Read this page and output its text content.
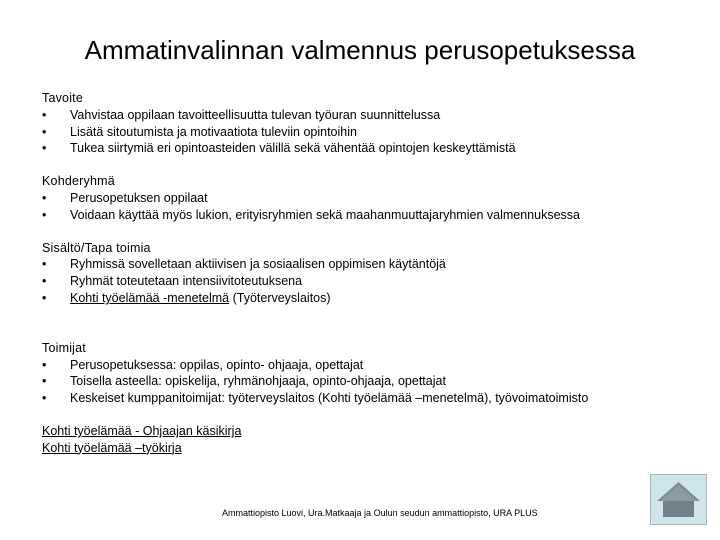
Ammatinvalinnan valmennus perusopetuksessa
Tavoite
• Vahvistaa oppilaan tavoitteellisuutta tulevan työuran suunnittelussa
• Lisätä sitoutumista ja motivaatiota tuleviin opintoihin
• Tukea siirtymiä eri opintoasteiden välillä sekä vähentää opintojen keskeyttämistä
Kohderyhmä
• Perusopetuksen oppilaat
• Voidaan käyttää myös lukion, erityisryhmien sekä maahanmuuttajaryhmien valmennuksessa
Sisältö/Tapa toimia
• Ryhmissä sovelletaan aktiivisen ja sosiaalisen oppimisen käytäntöjä
• Ryhmät toteutetaan intensiivitoteutuksena
• Kohti työelämää -menetelmä (Työterveyslaitos)
Toimijat
• Perusopetuksessa: oppilas, opinto- ohjaaja, opettajat
• Toisella asteella: opiskelija, ryhmänohjaaja, opinto-ohjaaja, opettajat
• Keskeiset kumppanitoimijat: työterveyslaitos (Kohti työelämää –menetelmä), työvoimatoimisto
Kohti työelämää - Ohjaajan käsikirja
Kohti työelämää –työkirja
Ammattiopisto Luovi, Ura.Matkaaja ja Oulun seudun ammattiopisto, URA PLUS
